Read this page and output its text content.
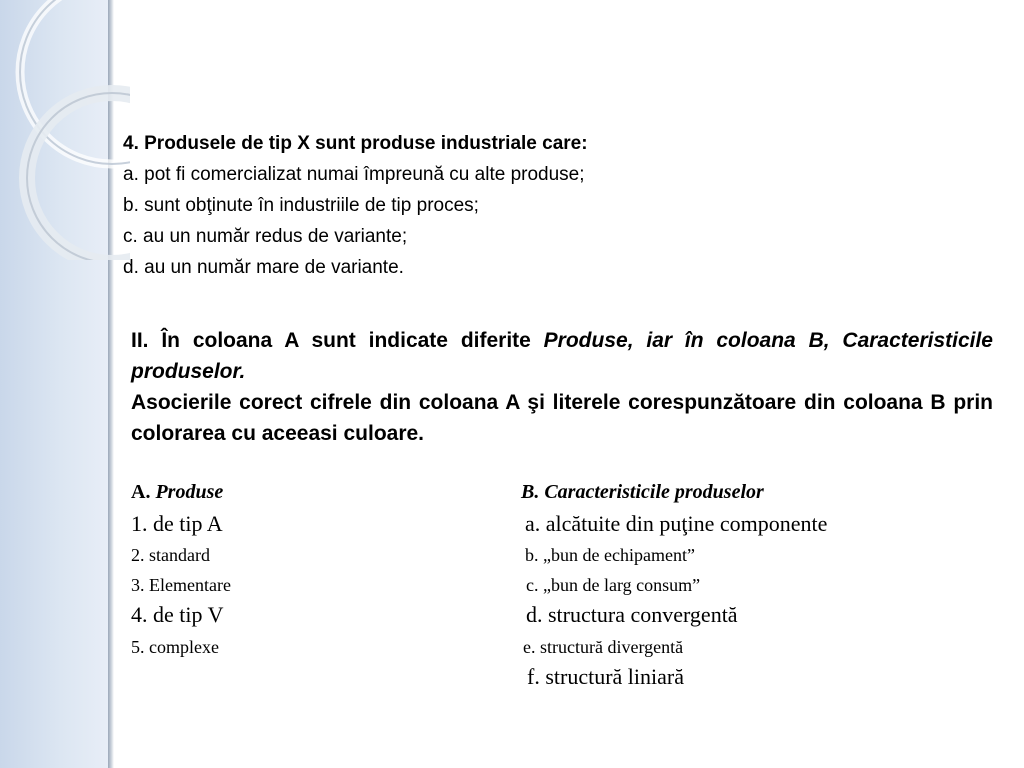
4. Produsele de tip X sunt produse industriale care:
a. pot fi comercializat numai împreună cu alte produse;
b. sunt obţinute în industriile de tip proces;
c. au un număr redus de variante;
d. au un număr mare de variante.

II. În coloana A sunt indicate diferite Produse, iar în coloana B, Caracteristicile produselor.

Asocierile corect cifrele din coloana A şi literele corespunzătoare din coloana B prin colorarea cu aceeasi culoare.

A. Produse
1. de tip A
2. standard
3. Elementare
4. de tip V
5. complexe
B. Caracteristicile produselor
a. alcătuite din puţine componente
b. „bun de echipament”
c. „bun de larg consum”
d. structura convergentă
e. structură divergentă
f. structură liniară
